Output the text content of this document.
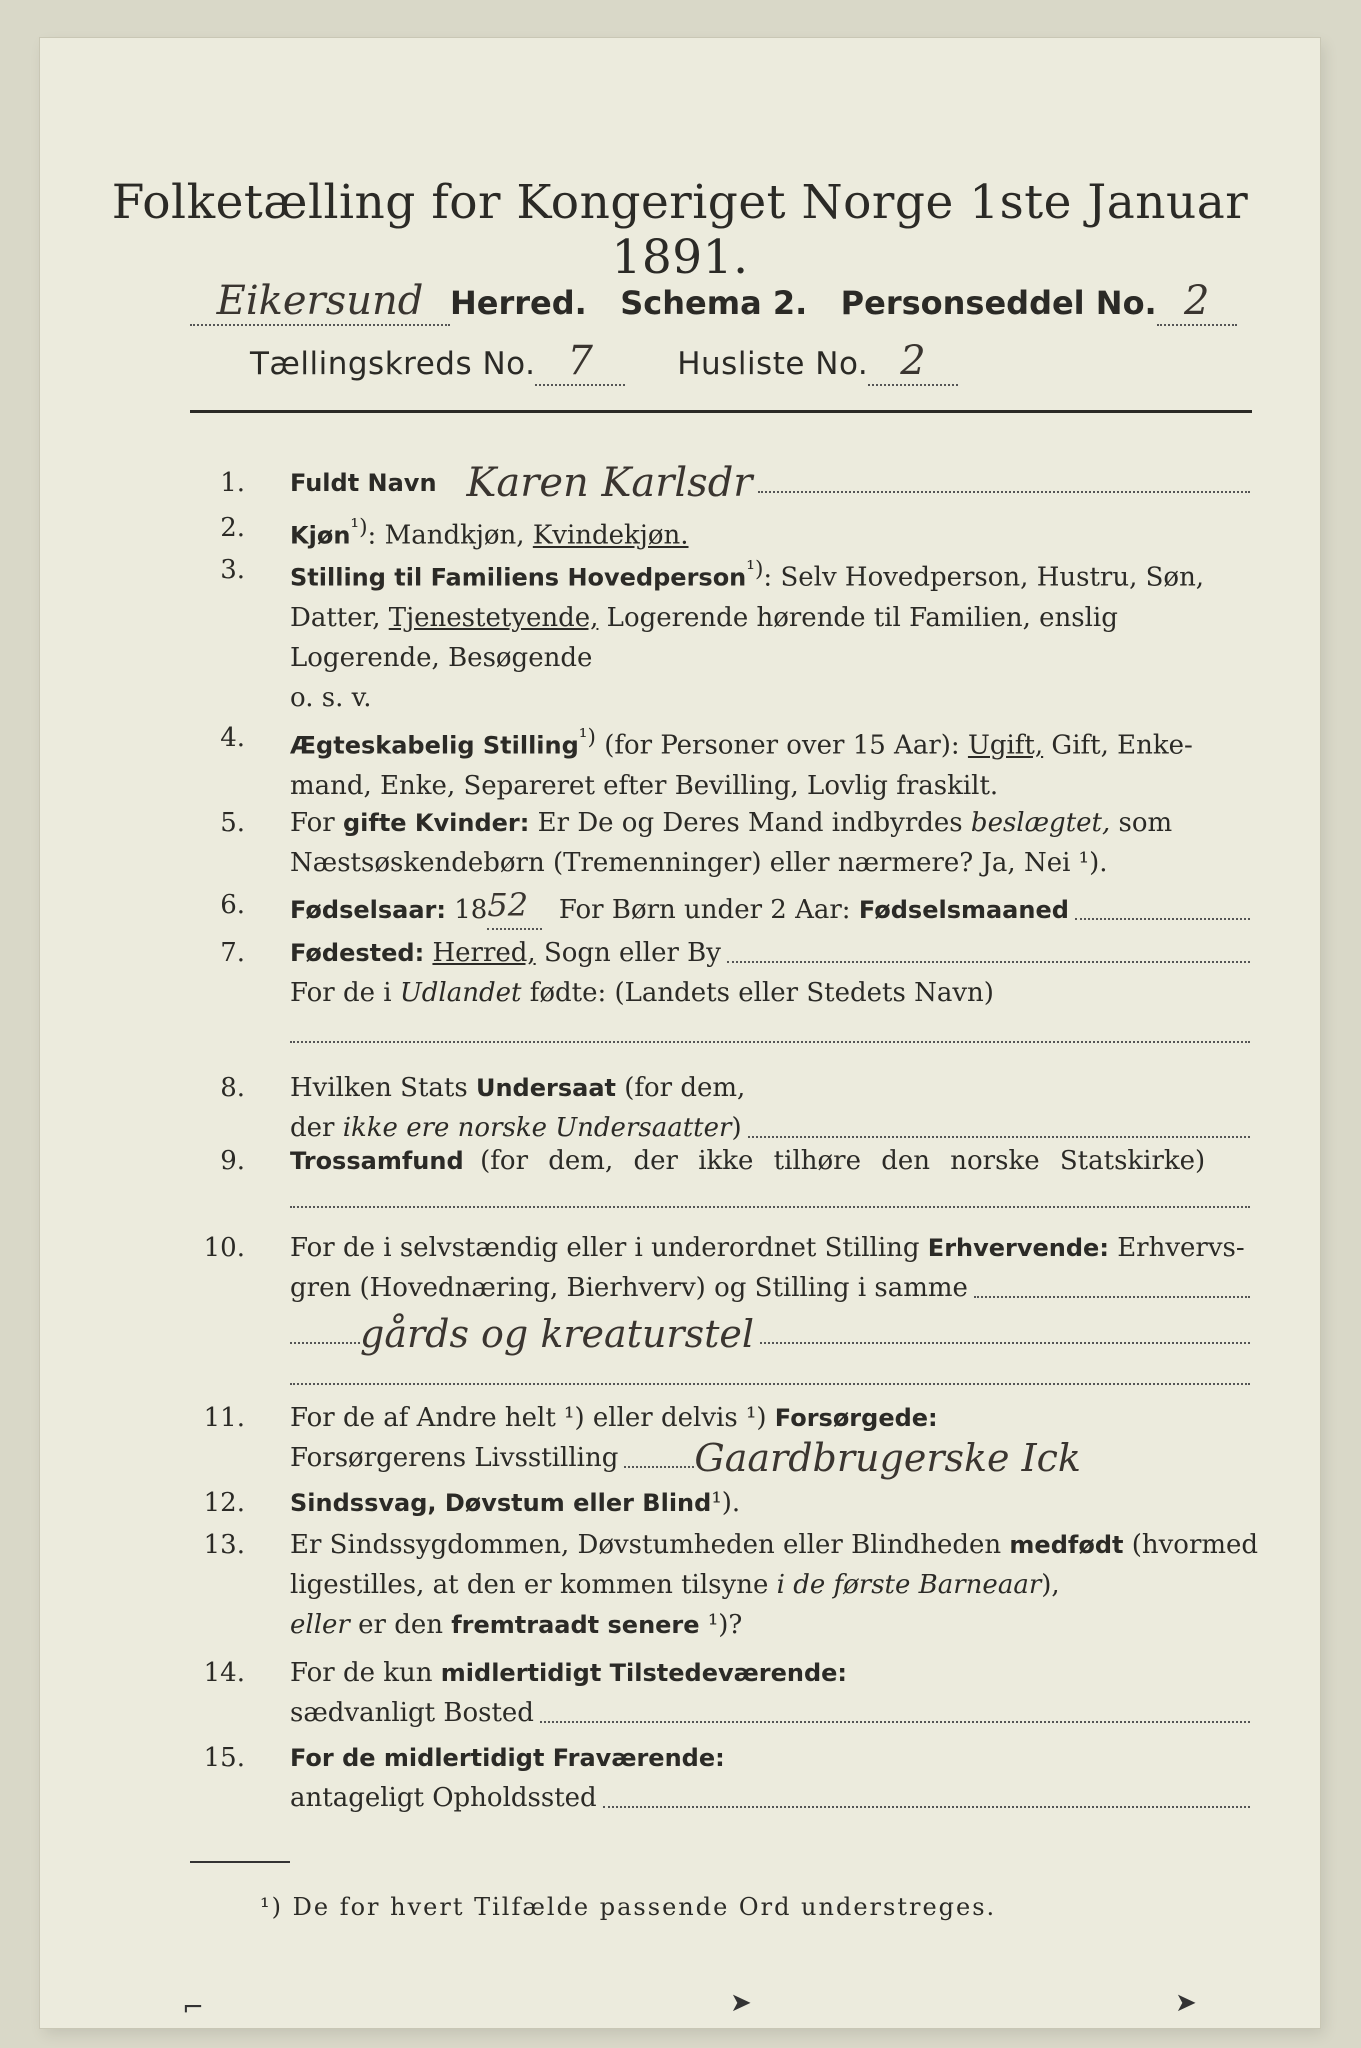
Folketælling for Kongeriget Norge 1ste Januar 1891.
Eikersund Herred. Schema 2. Personseddel No. 2
Tællingskreds No. 7	Husliste No. 2
1. Fuldt Navn Karen Karlsdr
2. Kjøn$^{^1)}$: Mandkjøn, Kvindekjøn.
3. Stilling til Familiens Hovedperson$^{^1)}$: Selv Hovedperson, Hustru, Søn,
Datter, Tjenestetyende, Logerende hørende til Familien, enslig
Logerende, Besøgende
o. s. v.
4. Ægteskabelig Stilling$^{^1)}$ (for Personer over 15 Aar): Ugift, Gift, Enke-
mand, Enke, Separeret efter Bevilling, Lovlig fraskilt.
5. For gifte Kvinder: Er De og Deres Mand indbyrdes beslægtet, som
Næstsøskendebørn (Tremenninger) eller nærmere? Ja, Nei ¹).
6. Fødselsaar:
18 52
	For Børn under 2 Aar:
Fødselsmaaned
7. Fødested:
Herred,
Sogn eller By
For de i Udlandet fødte: (Landets eller Stedets Navn)
8. Hvilken Stats Undersaat (for dem,
der
ikke ere norske Undersaatter )
9. Trossamfund (for dem, der ikke tilhøre den norske Statskirke)
10. For de i selvstændig eller i underordnet Stilling Erhvervende: Erhvervs-
gren (Hovednæring, Bierhverv) og Stilling i samme
gårds og kreaturstel
11. For de af Andre helt ¹) eller delvis ¹) Forsørgede:
Forsørgerens Livsstilling Gaardbrugerske Ick
12. Sindssvag, Døvstum eller Blind¹).
13. Er Sindssygdommen, Døvstumheden eller Blindheden medfødt (hvormed
ligestilles, at den er kommen tilsyne i de første Barneaar),
eller er den fremtraadt senere ¹)?
14. For de kun midlertidigt Tilstedeværende:
sædvanligt Bosted
15. For de midlertidigt Fraværende:
antageligt Opholdssted
¹) De for hvert Tilfælde passende Ord understreges.
⌐	➤	➤
